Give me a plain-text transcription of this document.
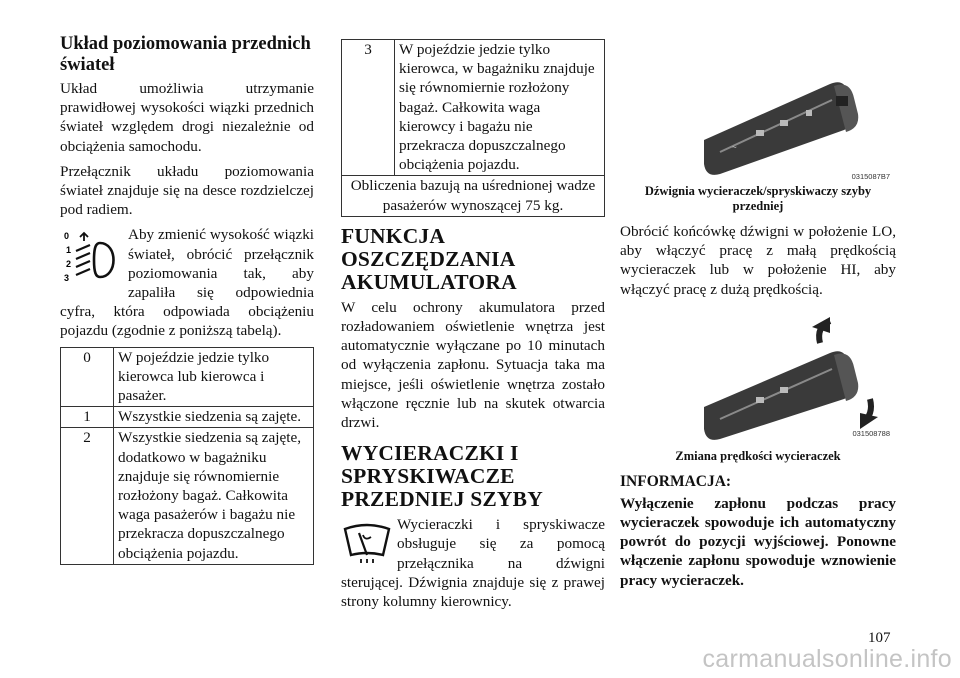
Układ poziomowania przednich świateł

Układ umożliwia utrzymanie prawidłowej wysokości wiązki przednich świateł względem drogi niezależnie od obciążenia samochodu.

Przełącznik układu poziomowania świateł znajduje się na desce rozdzielczej pod radiem.

0
1
2
3

Aby zmienić wysokość wiązki świateł, obrócić przełącznik poziomowania tak, aby zapaliła się odpowiednia cyfra, która odpowiada obciążeniu pojazdu (zgodnie z poniższą tabelą).

0	W pojeździe jedzie tylko kierowca lub kierowca i pasażer.
1	Wszystkie siedzenia są zajęte.
2	Wszystkie siedzenia są zajęte, dodatkowo w bagażniku znajduje się równomiernie rozłożony bagaż. Całkowita waga pasażerów i bagażu nie przekracza dopuszczalnego obciążenia pojazdu.
3	W pojeździe jedzie tylko kierowca, w bagażniku znajduje się równomiernie rozłożony bagaż. Całkowita waga kierowcy i bagażu nie przekracza dopuszczalnego obciążenia pojazdu.
Obliczenia bazują na uśrednionej wadze pasażerów wynoszącej 75 kg.
FUNKCJA OSZCZĘDZANIA AKUMULATORA

W celu ochrony akumulatora przed rozładowaniem oświetlenie wnętrza jest automatycznie wyłączane po 10 minutach od wyłączenia zapłonu. Sytuacja taka ma miejsce, jeśli oświetlenie wnętrza zostało włączone ręcznie lub na skutek otwarcia drzwi.

WYCIERACZKI I SPRYSKIWACZE PRZEDNIEJ SZYBY

Wycieraczki i spryskiwacze obsługuje się za pomocą przełącznika na dźwigni sterującej. Dźwignia znajduje się z prawej strony kolumny kierownicy.

~
0315087B7
Dźwignia wycieraczek/spryskiwaczy szyby przedniej

Obrócić końcówkę dźwigni w położenie LO, aby włączyć pracę z małą prędkością wycieraczek lub w położenie HI, aby włączyć pracę z dużą prędkością.

031508788
Zmiana prędkości wycieraczek
INFORMACJA:

Wyłączenie zapłonu podczas pracy wycieraczek spowoduje ich automatyczny powrót do pozycji wyjściowej. Ponowne włączenie zapłonu spowoduje wznowienie pracy wycieraczek.

107
carmanualsonline.info
